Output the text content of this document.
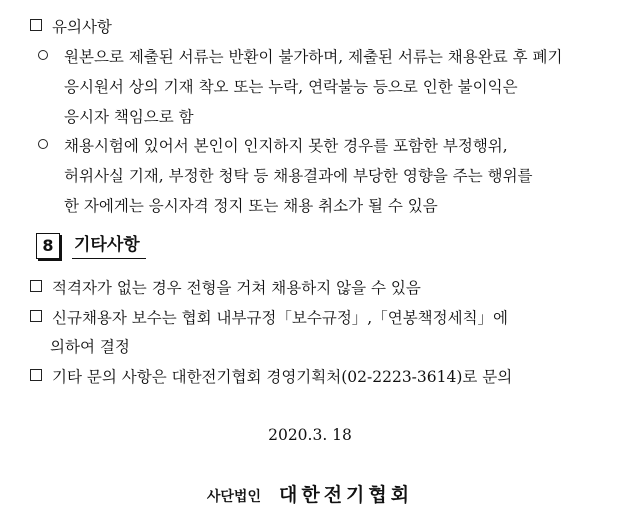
유의사항
원본으로 제출된 서류는 반환이 불가하며, 제출된 서류는 채용완료 후 폐기
응시원서 상의 기재 착오 또는 누락, 연락불능 등으로 인한 불이익은
응시자 책임으로 함
채용시험에 있어서 본인이 인지하지 못한 경우를 포함한 부정행위,
허위사실 기재, 부정한 청탁 등 채용결과에 부당한 영향을 주는 행위를
한 자에게는 응시자격 정지 또는 채용 취소가 될 수 있음
8	기타사항
적격자가 없는 경우 전형을 거쳐 채용하지 않을 수 있음
신규채용자 보수는 협회 내부규정「보수규정」,「연봉책정세칙」에
의하여 결정
기타 문의 사항은 대한전기협회 경영기획처(02-2223-3614)로 문의
2020.3. 18
사단법인 대한전기협회
